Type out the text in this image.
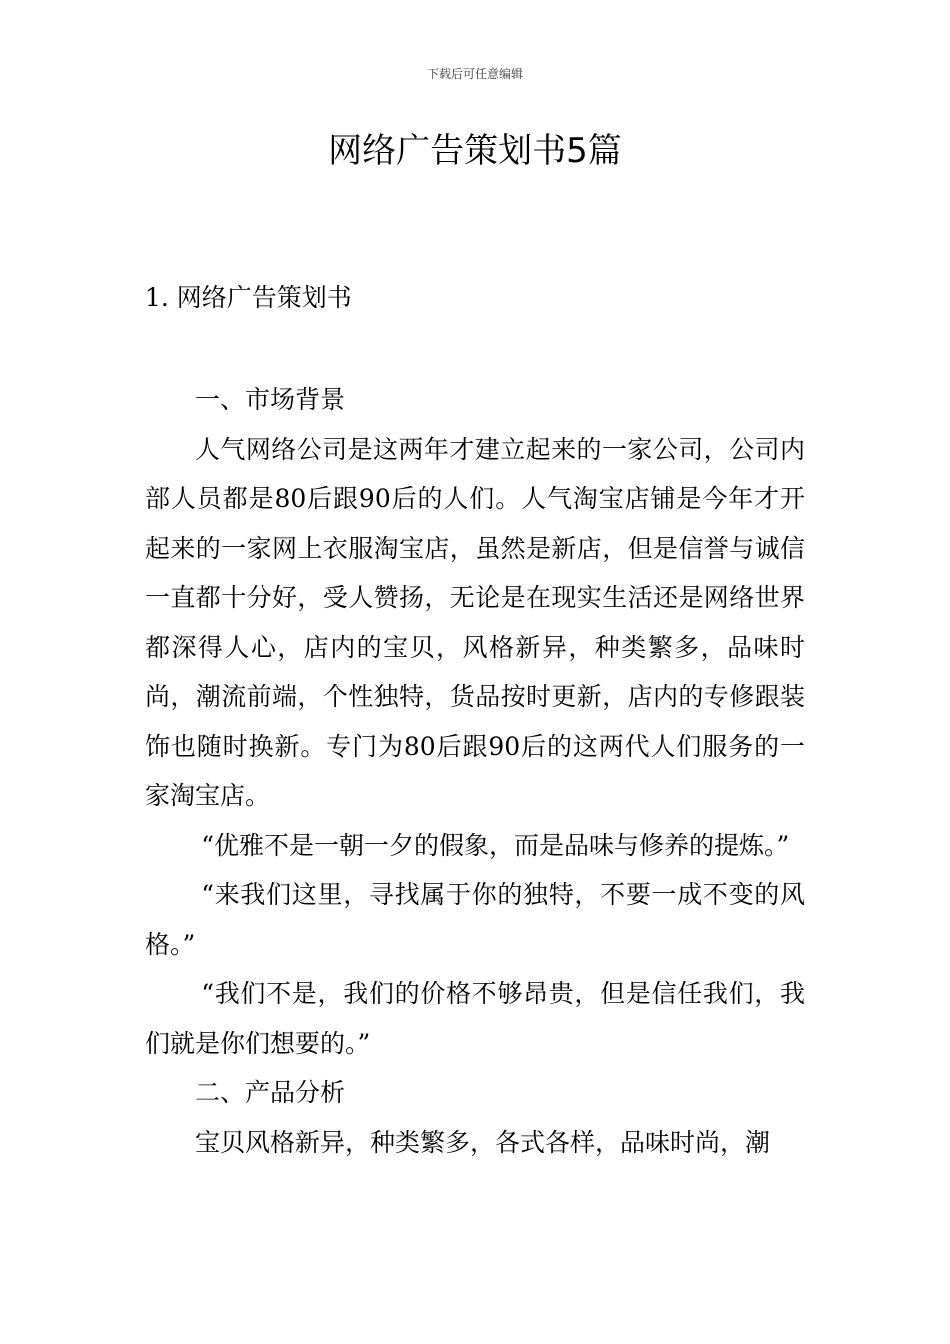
下载后可任意编辑
网络广告策划书5篇
1. 网络广告策划书

一、市场背景

人气网络公司是这两年才建立起来的一家公司，公司内部人员都是80后跟90后的人们。人气淘宝店铺是今年才开起来的一家网上衣服淘宝店，虽然是新店，但是信誉与诚信一直都十分好，受人赞扬，无论是在现实生活还是网络世界都深得人心，店内的宝贝，风格新异，种类繁多，品味时尚，潮流前端，个性独特，货品按时更新，店内的专修跟装饰也随时换新。专门为80后跟90后的这两代人们服务的一家淘宝店。

“优雅不是一朝一夕的假象，而是品味与修养的提炼。”

“来我们这里，寻找属于你的独特，不要一成不变的风格。”

“我们不是，我们的价格不够昂贵，但是信任我们，我们就是你们想要的。”

二、产品分析

宝贝风格新异，种类繁多，各式各样，品味时尚，潮
